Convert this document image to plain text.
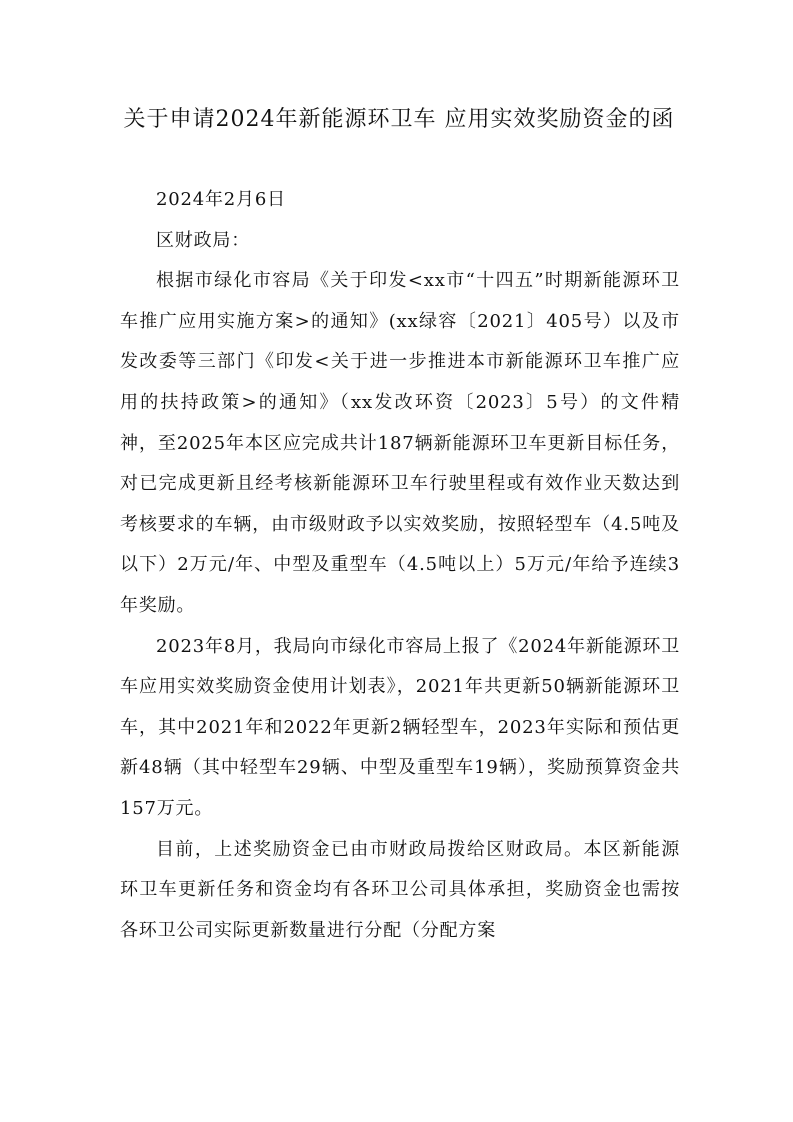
关于申请2024年新能源环卫车 应用实效奖励资金的函

2024年2月6日

区财政局：

根据市绿化市容局《关于印发<xx市“十四五”时期新能源环卫车推广应用实施方案>的通知》(xx绿容〔2021〕405号）以及市发改委等三部门《印发<关于进一步推进本市新能源环卫车推广应用的扶持政策>的通知》（xx发改环资〔2023〕5号）的文件精神，至2025年本区应完成共计187辆新能源环卫车更新目标任务，对已完成更新且经考核新能源环卫车行驶里程或有效作业天数达到考核要求的车辆，由市级财政予以实效奖励，按照轻型车（4.5吨及以下）2万元/年、中型及重型车（4.5吨以上）5万元/年给予连续3年奖励。

2023年8月，我局向市绿化市容局上报了《2024年新能源环卫车应用实效奖励资金使用计划表》，2021年共更新50辆新能源环卫车，其中2021年和2022年更新2辆轻型车，2023年实际和预估更新48辆（其中轻型车29辆、中型及重型车19辆），奖励预算资金共157万元。

目前，上述奖励资金已由市财政局拨给区财政局。本区新能源环卫车更新任务和资金均有各环卫公司具体承担，奖励资金也需按各环卫公司实际更新数量进行分配（分配方案
